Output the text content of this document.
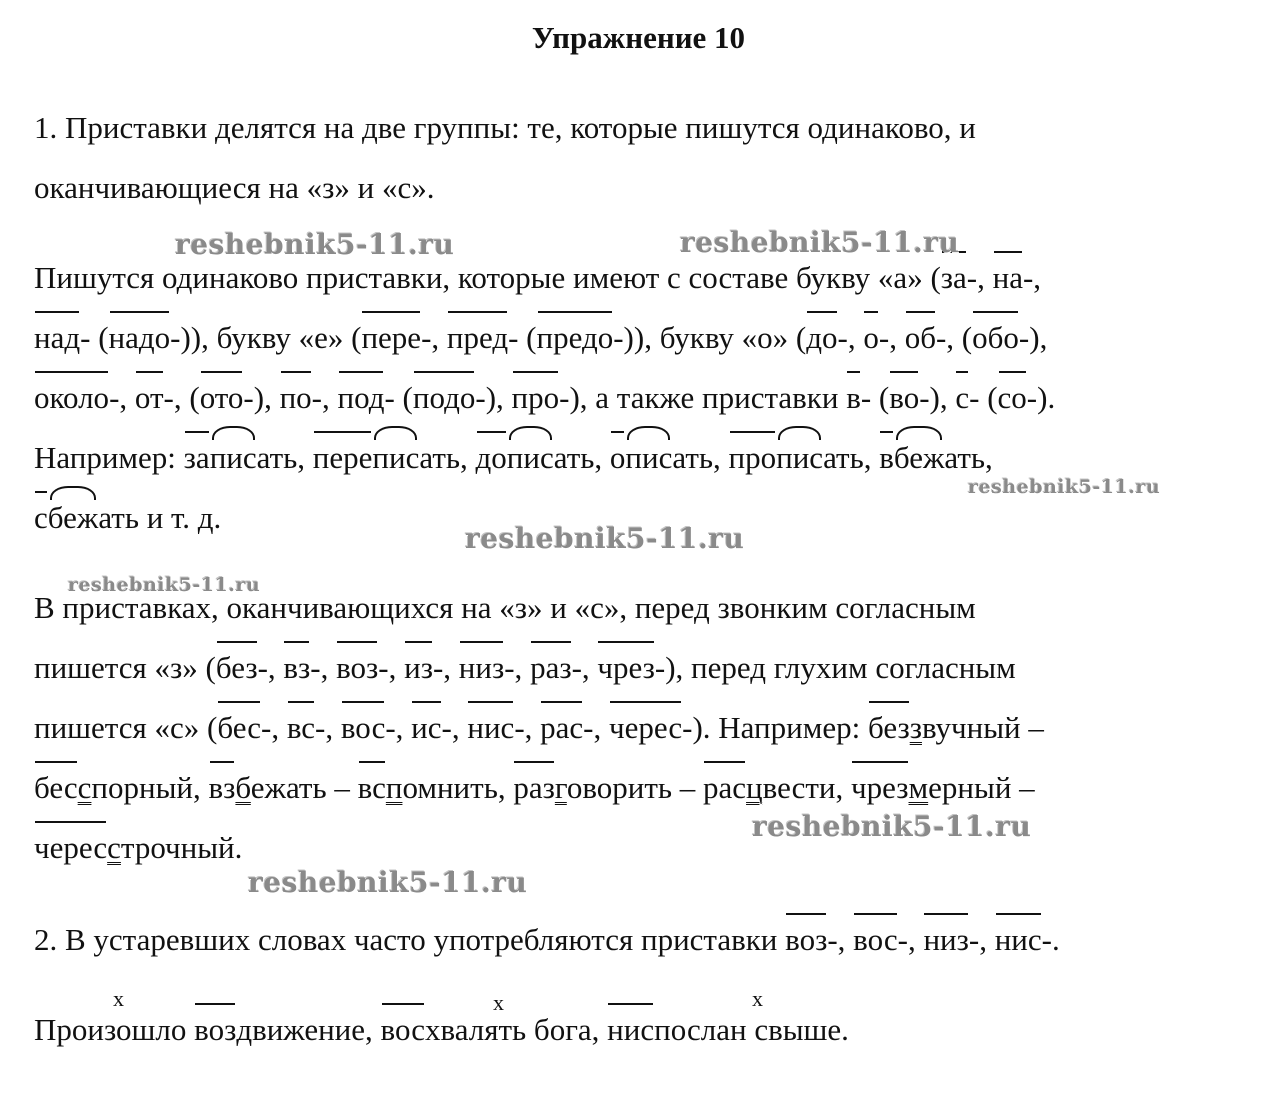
Упражнение 10

1. Приставки делятся на две группы: те, которые пишутся одинаково, и
оканчивающиеся на «з» и «с».

Пишутся одинаково приставки, которые имеют с составе букву «а» (за-, на-,
над- (надо-)), букву «е» (пере-, пред- (предо-)), букву «о» (до-, о-, об-, (обо-),
около-, от-, (ото-), по-, под- (подо-), про-), а также приставки в- (во-), с- (со-).
Например: записать, переписать, дописать, описать, прописать, вбежать,
сбежать и т. д.

В приставках, оканчивающихся на «з» и «с», перед звонким согласным
пишется «з» (без-, вз-, воз-, из-, низ-, раз-, чрез-), перед глухим согласным
пишется «с» (бес-, вс-, вос-, ис-, нис-, рас-, черес-). Например: беззвучный –
бесспорный, взбежать – вспомнить, разговорить – расцвести, чрезмерный –
чересстрочный.

2. В устаревших словах часто употребляются приставки воз-, вос-, низ-, нис-.

Произошло воздвижение, восхвалять бога, ниспослан свыше.

х	х	х
reshebnik5-11.ru	reshebnik5-11.ru
reshebnik5-11.ru
reshebnik5-11.ru
reshebnik5-11.ru
reshebnik5-11.ru
reshebnik5-11.ru
